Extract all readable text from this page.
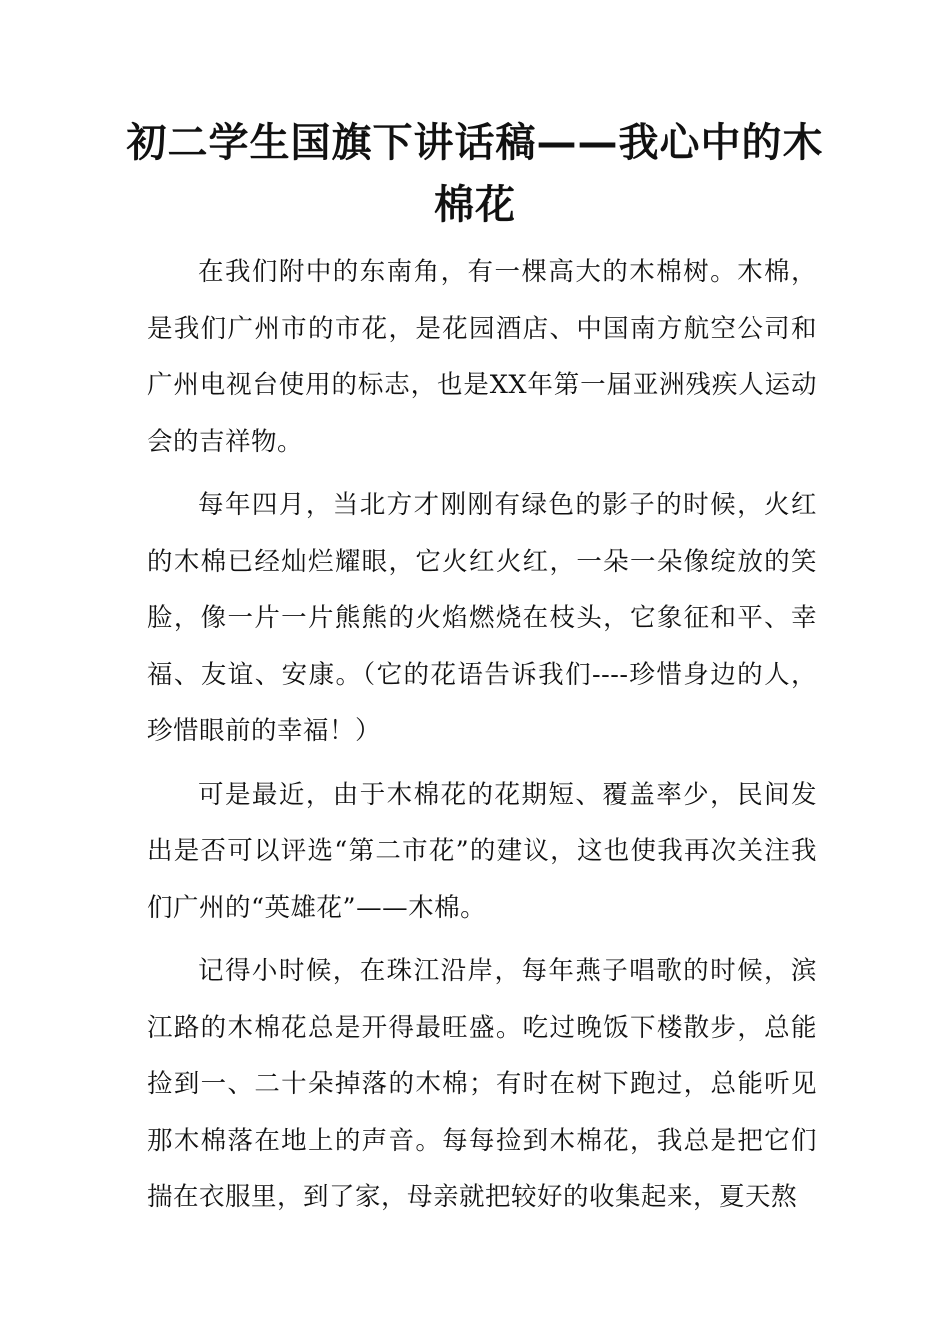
初二学生国旗下讲话稿——我心中的木棉花

在我们附中的东南角，有一棵高大的木棉树。木棉，是我们广州市的市花，是花园酒店、中国南方航空公司和广州电视台使用的标志，也是XX年第一届亚洲残疾人运动会的吉祥物。

每年四月，当北方才刚刚有绿色的影子的时候，火红的木棉已经灿烂耀眼，它火红火红，一朵一朵像绽放的笑脸，像一片一片熊熊的火焰燃烧在枝头，它象征和平、幸福、友谊、安康。（它的花语告诉我们----珍惜身边的人，珍惜眼前的幸福！）

可是最近，由于木棉花的花期短、覆盖率少，民间发出是否可以评选“第二市花”的建议，这也使我再次关注我们广州的“英雄花”——木棉。

记得小时候，在珠江沿岸，每年燕子唱歌的时候，滨江路的木棉花总是开得最旺盛。吃过晚饭下楼散步，总能捡到一、二十朵掉落的木棉；有时在树下跑过，总能听见那木棉落在地上的声音。每每捡到木棉花，我总是把它们揣在衣服里，到了家，母亲就把较好的收集起来，夏天熬
